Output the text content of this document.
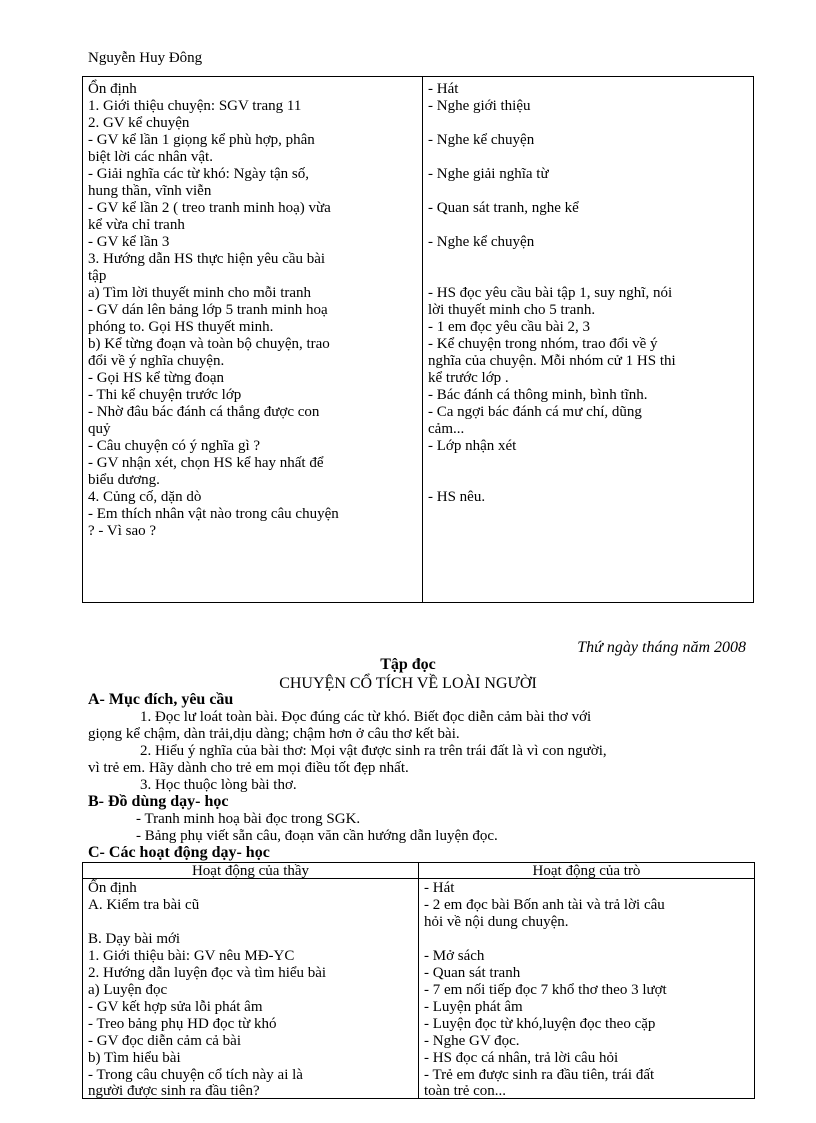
Nguyễn Huy Đông
Ổn định
1. Giới thiệu chuyện: SGV trang 11
2. GV kể chuyện
- GV kể lần 1 giọng kể phù hợp, phân
biệt lời các nhân vật.
- Giải nghĩa các từ khó: Ngày tận số,
hung thần, vĩnh viễn
- GV kể lần 2 ( treo tranh minh hoạ) vừa
kể vừa chỉ tranh
- GV kể lần 3
3. Hướng dẫn HS thực hiện yêu cầu bài
tập
a) Tìm lời thuyết minh cho mỗi tranh
- GV dán lên bảng lớp 5 tranh minh hoạ
phóng to. Gọi HS thuyết minh.
b) Kể từng đoạn và toàn bộ chuyện, trao
đổi về ý nghĩa chuyện.
- Gọi HS kể từng đoạn
- Thi kể chuyện trước lớp
- Nhờ đâu bác đánh cá thắng được con
quỷ
- Câu chuyện có ý nghĩa gì ?
- GV nhận xét, chọn HS kể hay nhất để
biểu dương.
4. Củng cố, dặn dò
- Em thích nhân vật nào trong câu chuyện
? - Vì sao ?
- Hát
- Nghe giới thiệu
- Nghe kể chuyện
- Nghe giải nghĩa từ
- Quan sát tranh, nghe kể
- Nghe kể chuyện
- HS đọc yêu cầu bài tập 1, suy nghĩ, nói
lời thuyết minh cho 5 tranh.
- 1 em đọc yêu cầu bài 2, 3
- Kể chuyện trong nhóm, trao đổi về ý
nghĩa của chuyện. Mỗi nhóm cử 1 HS thi
kể trước lớp .
- Bác đánh cá thông minh, bình tĩnh.
- Ca ngợi bác đánh cá mư chí, dũng
cảm...
- Lớp nhận xét
- HS nêu.
Thứ ngày tháng năm 2008
Tập đọc
CHUYỆN CỔ TÍCH VỀ LOÀI NGƯỜI
A- Mục đích, yêu cầu
1. Đọc lư loát toàn bài. Đọc đúng các từ khó. Biết đọc diễn cảm bài thơ với
giọng kể chậm, dàn trải,dịu dàng; chậm hơn ở câu thơ kết bài.
2. Hiểu ý nghĩa của bài thơ: Mọi vật được sinh ra trên trái đất là vì con người,
vì trẻ em. Hãy dành cho trẻ em mọi điều tốt đẹp nhất.
3. Học thuộc lòng bài thơ.
B- Đồ dùng dạy- học
- Tranh minh hoạ bài đọc trong SGK.
- Bảng phụ viết sẵn câu, đoạn văn cần hướng dẫn luyện đọc.
C- Các hoạt động dạy- học
Hoạt động của thầy	Hoạt động của trò
Ổn định
A. Kiểm tra bài cũ
B. Dạy bài mới
1. Giới thiệu bài: GV nêu MĐ-YC
2. Hướng dẫn luyện đọc và tìm hiểu bài
a) Luyện đọc
- GV kết hợp sửa lỗi phát âm
- Treo bảng phụ HD đọc từ khó
- GV đọc diễn cảm cả bài
b) Tìm hiểu bài
- Trong câu chuyện cổ tích này ai là
người được sinh ra đầu tiên?
- Hát
- 2 em đọc bài Bốn anh tài và trả lời câu
hỏi về nội dung chuyện.
- Mở sách
- Quan sát tranh
- 7 em nối tiếp đọc 7 khổ thơ theo 3 lượt
- Luyện phát âm
- Luyện đọc từ khó,luyện đọc theo cặp
- Nghe GV đọc.
- HS đọc cá nhân, trả lời câu hỏi
- Trẻ em được sinh ra đầu tiên, trái đất
toàn trẻ con...
